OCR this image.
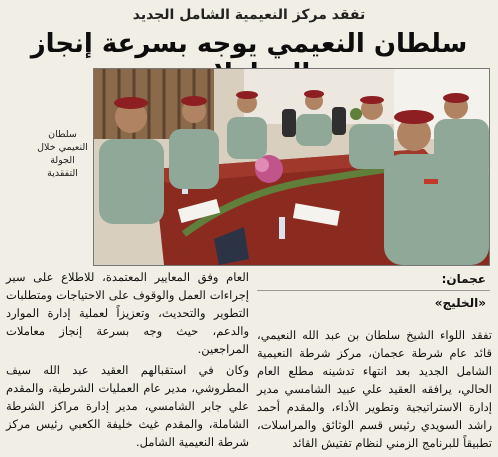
تفقد مركز النعيمية الشامل الجديد
سلطان النعيمي يوجه بسرعة إنجاز
سلطان النعيمي خلال الجولة التفقدية
عجمان:
«الخليج»

العام وفق المعايير المعتمدة، للاطلاع على سير إجراءات العمل والوقوف على الاحتياجات ومتطلبات التطوير والتحديث، وتعزيزاً لعملية إدارة الموارد والدعم، حيث وجه بسرعة إنجاز معاملات المراجعين.

وكان في استقبالهم العقيد عبد الله سيف المطروشي، مدير عام العمليات الشرطية، والمقدم علي جابر الشامسي، مدير إدارة مراكز الشرطة الشاملة، والمقدم غيث خليفة الكعبي رئيس مركز شرطة النعيمية الشامل.

تفقد اللواء الشيخ سلطان بن عبد الله النعيمي، قائد عام شرطة عجمان، مركز شرطة النعيمية الشامل الجديد بعد انتهاء تدشينه مطلع العام الحالي، يرافقه العقيد علي عبيد الشامسي مدير إدارة الاستراتيجية وتطوير الأداء، والمقدم أحمد راشد السويدي رئيس قسم الوثائق والمراسلات، تطبيقاً للبرنامج الزمني لنظام تفتيش القائد
